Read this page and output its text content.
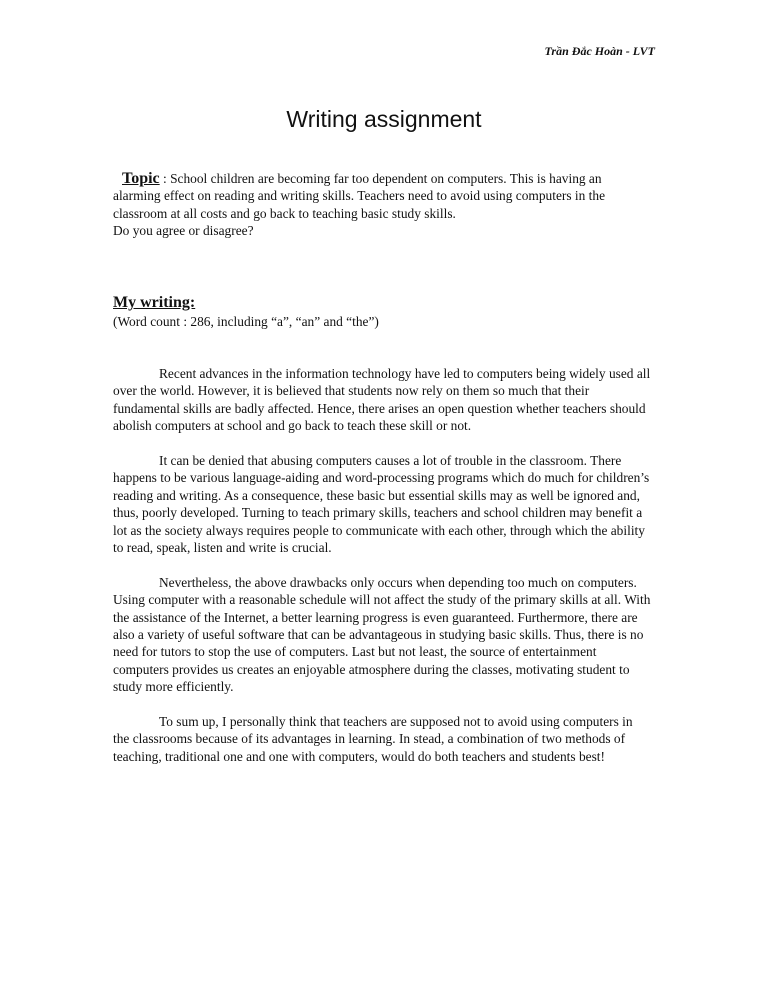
Trần Đắc Hoàn - LVT
Writing assignment
Topic : School children are becoming far too dependent on computers. This is having an alarming effect on reading and writing skills. Teachers need to avoid using computers in the classroom at all costs and go back to teaching basic study skills.
Do you agree or disagree?
My writing:
(Word count : 286, including “a”, “an” and “the”)

Recent advances in the information technology have led to computers being widely used all over the world. However, it is believed that students now rely on them so much that their fundamental skills are badly affected. Hence, there arises an open question whether teachers should abolish computers at school and go back to teach these skill or not.

It can be denied that abusing computers causes a lot of trouble in the classroom. There happens to be various language-aiding and word-processing programs which do much for children’s reading and writing. As a consequence, these basic but essential skills may as well be ignored and, thus, poorly developed. Turning to teach primary skills, teachers and school children may benefit a lot as the society always requires people to communicate with each other, through which the ability to read, speak, listen and write is crucial.

Nevertheless, the above drawbacks only occurs when depending too much on computers. Using computer with a reasonable schedule will not affect the study of the primary skills at all. With the assistance of the Internet, a better learning progress is even guaranteed. Furthermore, there are also a variety of useful software that can be advantageous in studying basic skills. Thus, there is no need for tutors to stop the use of computers. Last but not least, the source of entertainment computers provides us creates an enjoyable atmosphere during the classes, motivating student to study more efficiently.

To sum up, I personally think that teachers are supposed not to avoid using computers in the classrooms because of its advantages in learning. In stead, a combination of two methods of teaching, traditional one and one with computers, would do both teachers and students best!
